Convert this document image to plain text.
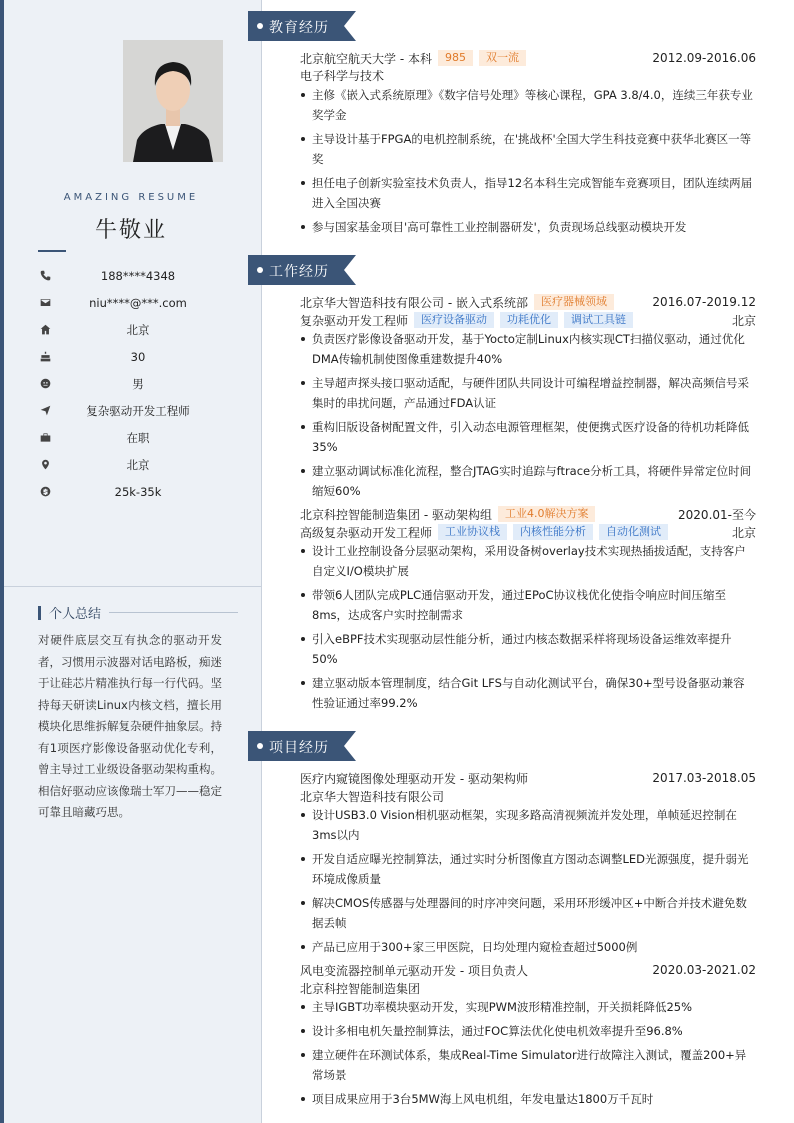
AMAZING RESUME
牛敬业
188****4348
niu****@***.com
北京
30
男
复杂驱动开发工程师
在职
北京
25k-35k
个人总结
对硬件底层交互有执念的驱动开发者，习惯用示波器对话电路板，痴迷于让硅芯片精准执行每一行代码。坚持每天研读Linux内核文档，擅长用模块化思维拆解复杂硬件抽象层。持有1项医疗影像设备驱动优化专利，曾主导过工业级设备驱动架构重构。相信好驱动应该像瑞士军刀——稳定可靠且暗藏巧思。
教育经历
北京航空航天大学 - 本科	985	双一流	2012.09-2016.06
电子科学与技术
主修《嵌入式系统原理》《数字信号处理》等核心课程，GPA 3.8/4.0，连续三年获专业奖学金
主导设计基于FPGA的电机控制系统，在'挑战杯'全国大学生科技竞赛中获华北赛区一等奖
担任电子创新实验室技术负责人，指导12名本科生完成智能车竞赛项目，团队连续两届进入全国决赛
参与国家基金项目'高可靠性工业控制器研发'，负责现场总线驱动模块开发
工作经历
北京华大智造科技有限公司 - 嵌入式系统部	医疗器械领域	2016.07-2019.12
复杂驱动开发工程师	医疗设备驱动	功耗优化	调试工具链	北京
负责医疗影像设备驱动开发，基于Yocto定制Linux内核实现CT扫描仪驱动，通过优化DMA传输机制使图像重建数提升40%
主导超声探头接口驱动适配，与硬件团队共同设计可编程增益控制器，解决高频信号采集时的串扰问题，产品通过FDA认证
重构旧版设备树配置文件，引入动态电源管理框架，使便携式医疗设备的待机功耗降低35%
建立驱动调试标准化流程，整合JTAG实时追踪与ftrace分析工具，将硬件异常定位时间缩短60%
北京科控智能制造集团 - 驱动架构组	工业4.0解决方案	2020.01-至今
高级复杂驱动开发工程师	工业协议栈	内核性能分析	自动化测试	北京
设计工业控制设备分层驱动架构，采用设备树overlay技术实现热插拔适配，支持客户自定义I/O模块扩展
带领6人团队完成PLC通信驱动开发，通过EPoC协议栈优化使指令响应时间压缩至8ms，达成客户实时控制需求
引入eBPF技术实现驱动层性能分析，通过内核态数据采样将现场设备运维效率提升50%
建立驱动版本管理制度，结合Git LFS与自动化测试平台，确保30+型号设备驱动兼容性验证通过率99.2%
项目经历
医疗内窥镜图像处理驱动开发 - 驱动架构师	2017.03-2018.05
北京华大智造科技有限公司
设计USB3.0 Vision相机驱动框架，实现多路高清视频流并发处理，单帧延迟控制在3ms以内
开发自适应曝光控制算法，通过实时分析图像直方图动态调整LED光源强度，提升弱光环境成像质量
解决CMOS传感器与处理器间的时序冲突问题，采用环形缓冲区+中断合并技术避免数据丢帧
产品已应用于300+家三甲医院，日均处理内窥检查超过5000例
风电变流器控制单元驱动开发 - 项目负责人	2020.03-2021.02
北京科控智能制造集团
主导IGBT功率模块驱动开发，实现PWM波形精准控制，开关损耗降低25%
设计多相电机矢量控制算法，通过FOC算法优化使电机效率提升至96.8%
建立硬件在环测试体系，集成Real-Time Simulator进行故障注入测试，覆盖200+异常场景
项目成果应用于3台5MW海上风电机组，年发电量达1800万千瓦时
